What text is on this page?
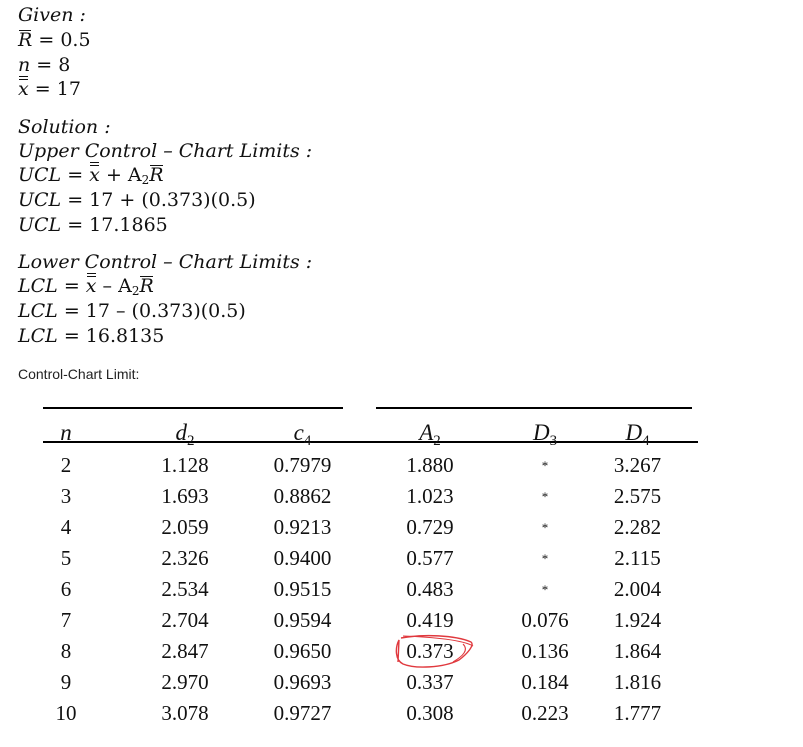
Given :
R = 0.5
n = 8
x = 17
Solution :
Upper Control – Chart Limits :
UCL = $x + A_2R$
UCL = 17 + (0.373)(0.5)
UCL = 17.1865
Lower Control – Chart Limits :
LCL = x – $A_2R$
LCL = 17 – (0.373)(0.5)
LCL = 16.8135
Control-Chart Limit:
n	$d_2$	$c_4$	$A_2$	$D_3$	$D_4$
2	1.128	0.7979	1.880	*	3.267
3	1.693	0.8862	1.023	*	2.575
4	2.059	0.9213	0.729	*	2.282
5	2.326	0.9400	0.577	*	2.115
6	2.534	0.9515	0.483	*	2.004
7	2.704	0.9594	0.419	0.076	1.924
8	2.847	0.9650	0.373	0.136	1.864
9	2.970	0.9693	0.337	0.184	1.816
10	3.078	0.9727	0.308	0.223	1.777
